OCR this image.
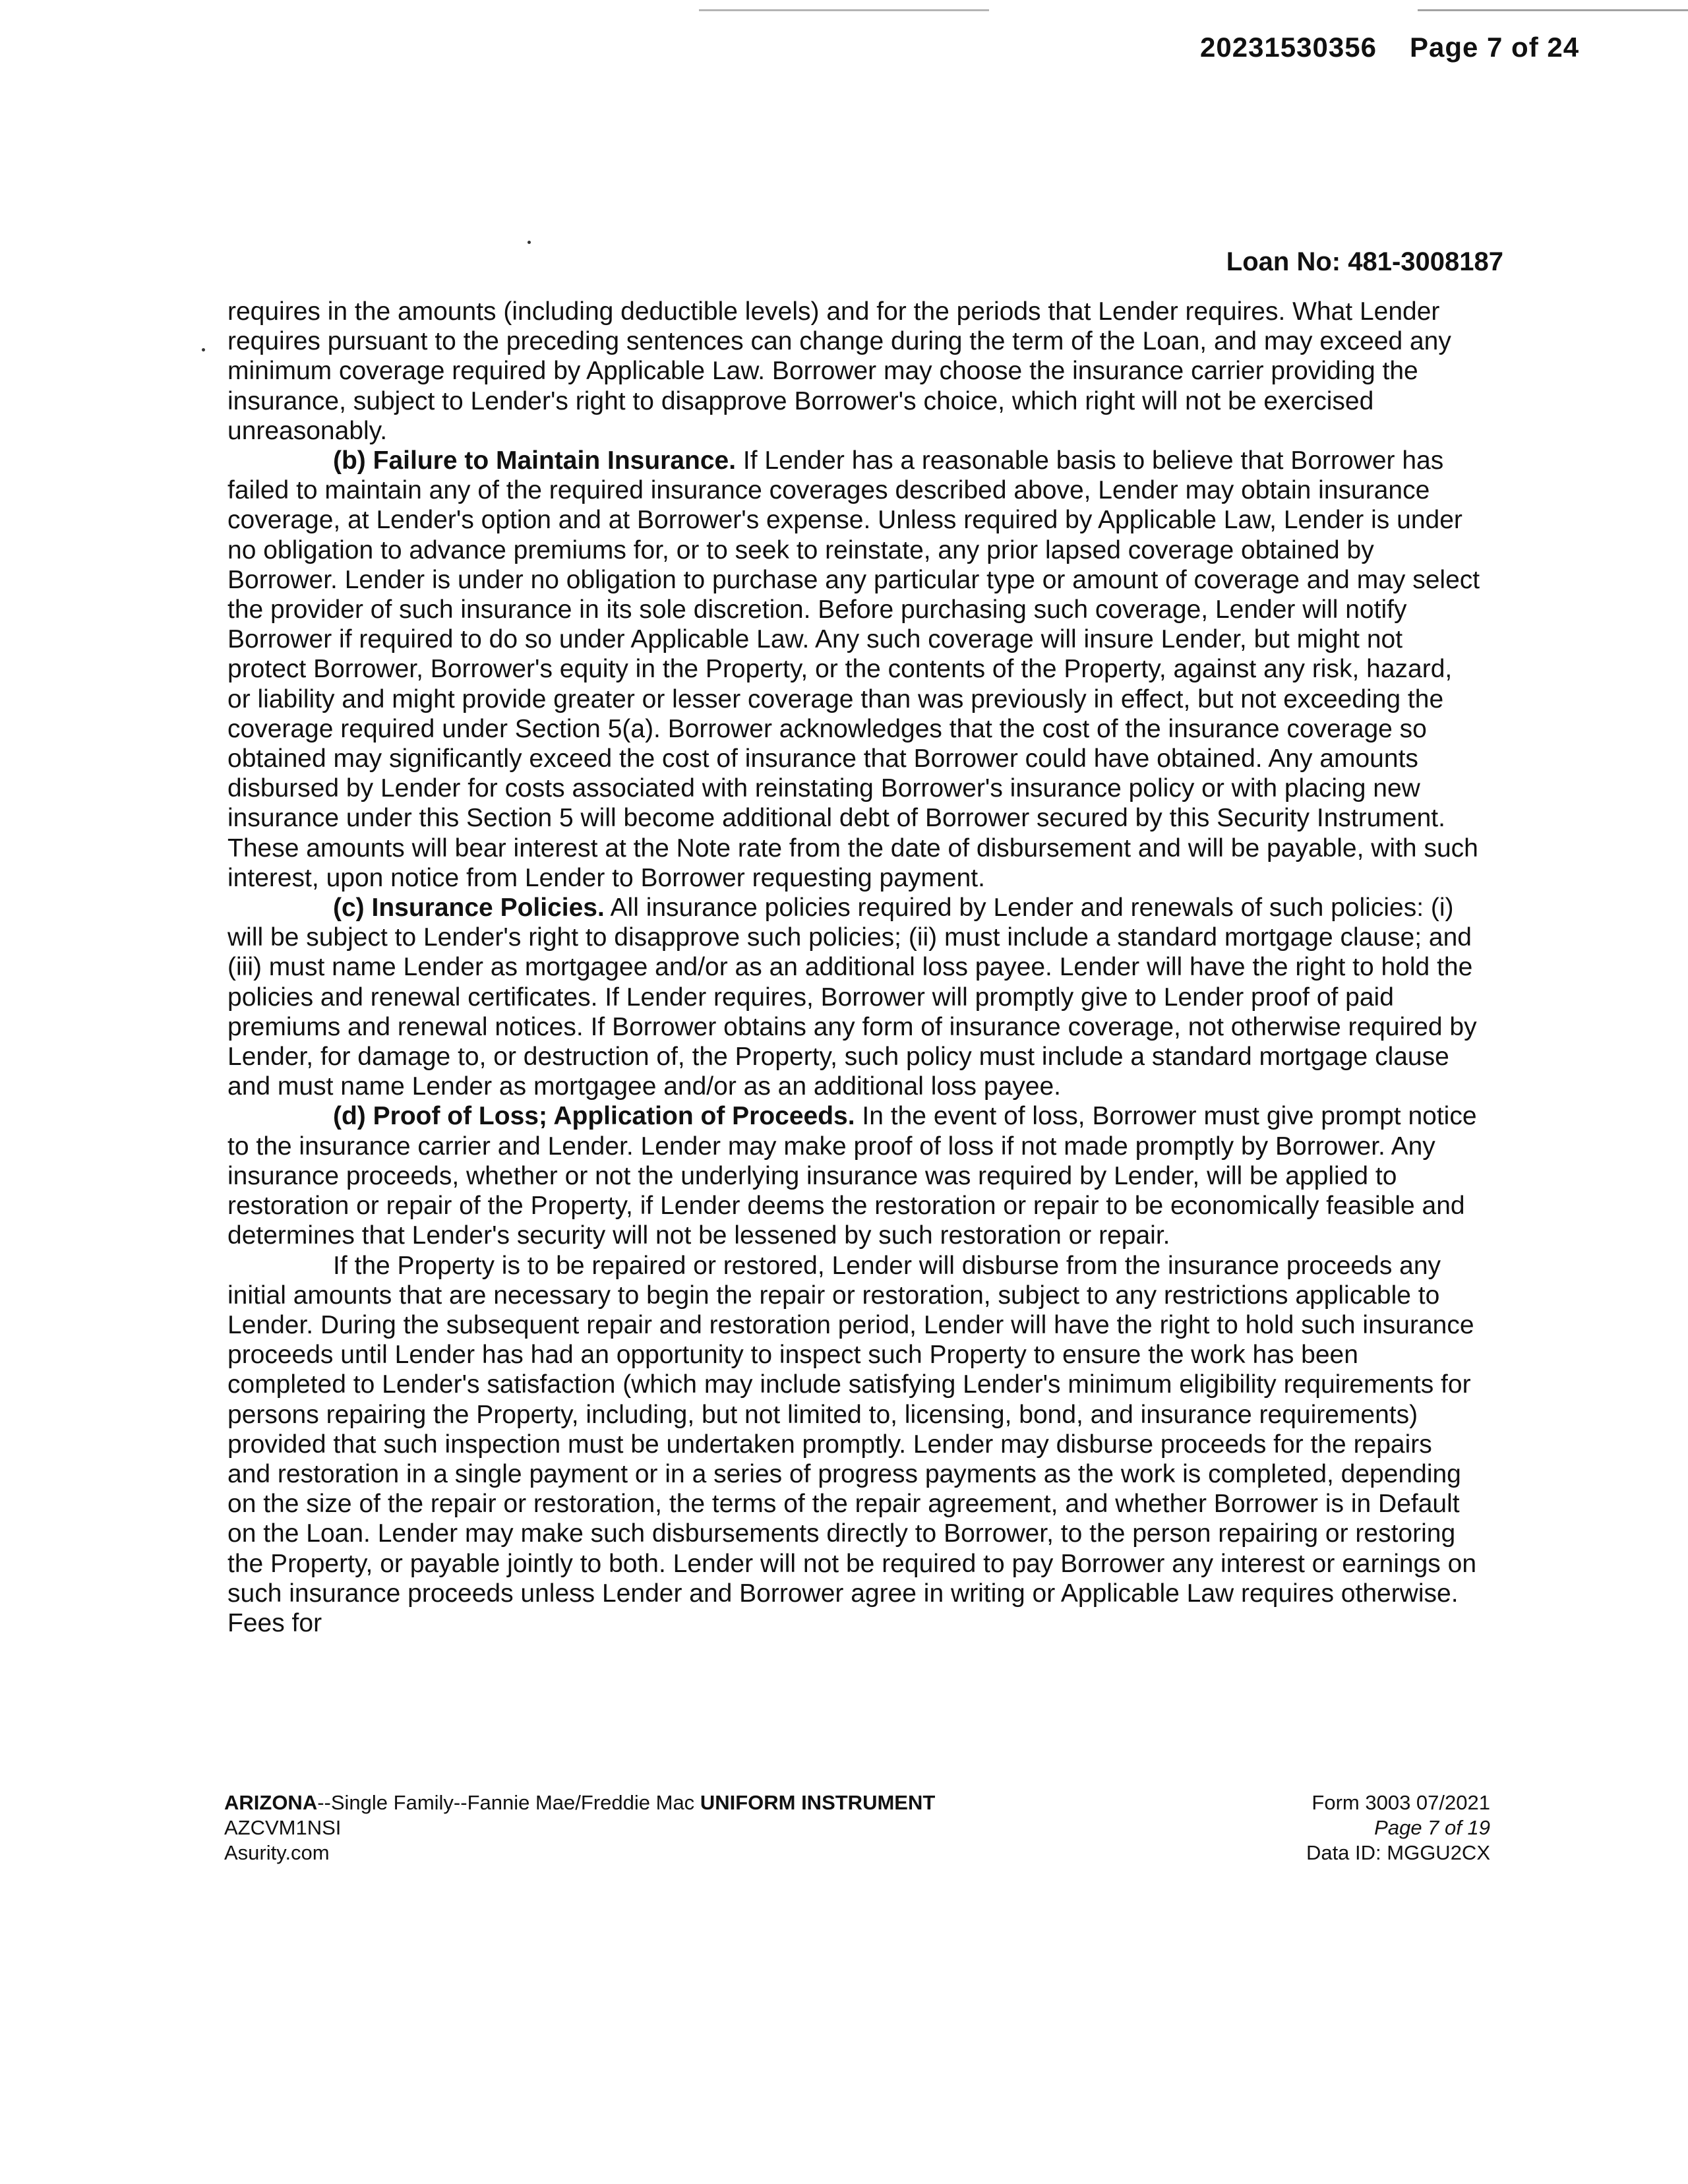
20231530356 Page 7 of 24
Loan No: 481-3008187

requires in the amounts (including deductible levels) and for the periods that Lender requires. What Lender requires pursuant to the preceding sentences can change during the term of the Loan, and may exceed any minimum coverage required by Applicable Law. Borrower may choose the insurance carrier providing the insurance, subject to Lender's right to disapprove Borrower's choice, which right will not be exercised unreasonably.

(b) Failure to Maintain Insurance. If Lender has a reasonable basis to believe that Borrower has failed to maintain any of the required insurance coverages described above, Lender may obtain insurance coverage, at Lender's option and at Borrower's expense. Unless required by Applicable Law, Lender is under no obligation to advance premiums for, or to seek to reinstate, any prior lapsed coverage obtained by Borrower. Lender is under no obligation to purchase any particular type or amount of coverage and may select the provider of such insurance in its sole discretion. Before purchasing such coverage, Lender will notify Borrower if required to do so under Applicable Law. Any such coverage will insure Lender, but might not protect Borrower, Borrower's equity in the Property, or the contents of the Property, against any risk, hazard, or liability and might provide greater or lesser coverage than was previously in effect, but not exceeding the coverage required under Section 5(a). Borrower acknowledges that the cost of the insurance coverage so obtained may significantly exceed the cost of insurance that Borrower could have obtained. Any amounts disbursed by Lender for costs associated with reinstating Borrower's insurance policy or with placing new insurance under this Section 5 will become additional debt of Borrower secured by this Security Instrument. These amounts will bear interest at the Note rate from the date of disbursement and will be payable, with such interest, upon notice from Lender to Borrower requesting payment.

(c) Insurance Policies. All insurance policies required by Lender and renewals of such policies: (i) will be subject to Lender's right to disapprove such policies; (ii) must include a standard mortgage clause; and (iii) must name Lender as mortgagee and/or as an additional loss payee. Lender will have the right to hold the policies and renewal certificates. If Lender requires, Borrower will promptly give to Lender proof of paid premiums and renewal notices. If Borrower obtains any form of insurance coverage, not otherwise required by Lender, for damage to, or destruction of, the Property, such policy must include a standard mortgage clause and must name Lender as mortgagee and/or as an additional loss payee.

(d) Proof of Loss; Application of Proceeds. In the event of loss, Borrower must give prompt notice to the insurance carrier and Lender. Lender may make proof of loss if not made promptly by Borrower. Any insurance proceeds, whether or not the underlying insurance was required by Lender, will be applied to restoration or repair of the Property, if Lender deems the restoration or repair to be economically feasible and determines that Lender's security will not be lessened by such restoration or repair.

If the Property is to be repaired or restored, Lender will disburse from the insurance proceeds any initial amounts that are necessary to begin the repair or restoration, subject to any restrictions applicable to Lender. During the subsequent repair and restoration period, Lender will have the right to hold such insurance proceeds until Lender has had an opportunity to inspect such Property to ensure the work has been completed to Lender's satisfaction (which may include satisfying Lender's minimum eligibility requirements for persons repairing the Property, including, but not limited to, licensing, bond, and insurance requirements) provided that such inspection must be undertaken promptly. Lender may disburse proceeds for the repairs and restoration in a single payment or in a series of progress payments as the work is completed, depending on the size of the repair or restoration, the terms of the repair agreement, and whether Borrower is in Default on the Loan. Lender may make such disbursements directly to Borrower, to the person repairing or restoring the Property, or payable jointly to both. Lender will not be required to pay Borrower any interest or earnings on such insurance proceeds unless Lender and Borrower agree in writing or Applicable Law requires otherwise. Fees for

ARIZONA--Single Family--Fannie Mae/Freddie Mac UNIFORM INSTRUMENT
AZCVM1NSI
Asurity.com
Form 3003 07/2021
Page 7 of 19
Data ID: MGGU2CX
